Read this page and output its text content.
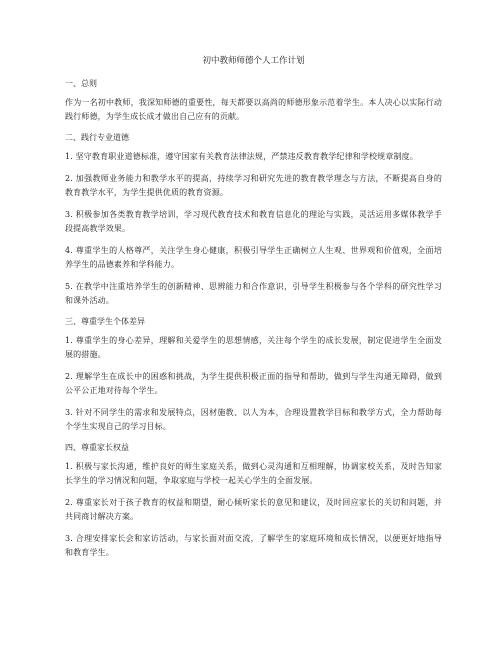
初中教师师德个人工作计划
一、总则

作为一名初中教师，我深知师德的重要性，每天都要以高尚的师德形象示范着学生。本人决心以实际行动践行师德，为学生成长成才做出自己应有的贡献。

二、践行专业道德

1. 坚守教育职业道德标准，遵守国家有关教育法律法规，严禁违反教育教学纪律和学校规章制度。

2. 加强教师业务能力和教学水平的提高，持续学习和研究先进的教育教学理念与方法，不断提高自身的教育教学水平，为学生提供优质的教育资源。

3. 积极参加各类教育教学培训，学习现代教育技术和教育信息化的理论与实践，灵活运用多媒体教学手段提高教学效果。

4. 尊重学生的人格尊严，关注学生身心健康，积极引导学生正确树立人生观、世界观和价值观，全面培养学生的品德素养和学科能力。

5. 在教学中注重培养学生的创新精神、思辨能力和合作意识，引导学生积极参与各个学科的研究性学习和课外活动。

三、尊重学生个体差异

1. 尊重学生的身心差异，理解和关爱学生的思想情感，关注每个学生的成长发展，制定促进学生全面发展的措施。

2. 理解学生在成长中的困惑和挑战，为学生提供积极正面的指导和帮助，做到与学生沟通无障碍，做到公平公正地对待每个学生。

3. 针对不同学生的需求和发展特点，因材施教、以人为本，合理设置教学目标和教学方式，全力帮助每个学生实现自己的学习目标。

四、尊重家长权益

1. 积极与家长沟通，维护良好的师生家庭关系，做到心灵沟通和互相理解，协调家校关系，及时告知家长学生的学习情况和问题，争取家庭与学校一起关心学生的全面发展。

2. 尊重家长对于孩子教育的权益和期望，耐心倾听家长的意见和建议，及时回应家长的关切和问题，并共同商讨解决方案。

3. 合理安排家长会和家访活动，与家长面对面交流，了解学生的家庭环境和成长情况，以便更好地指导和教育学生。
